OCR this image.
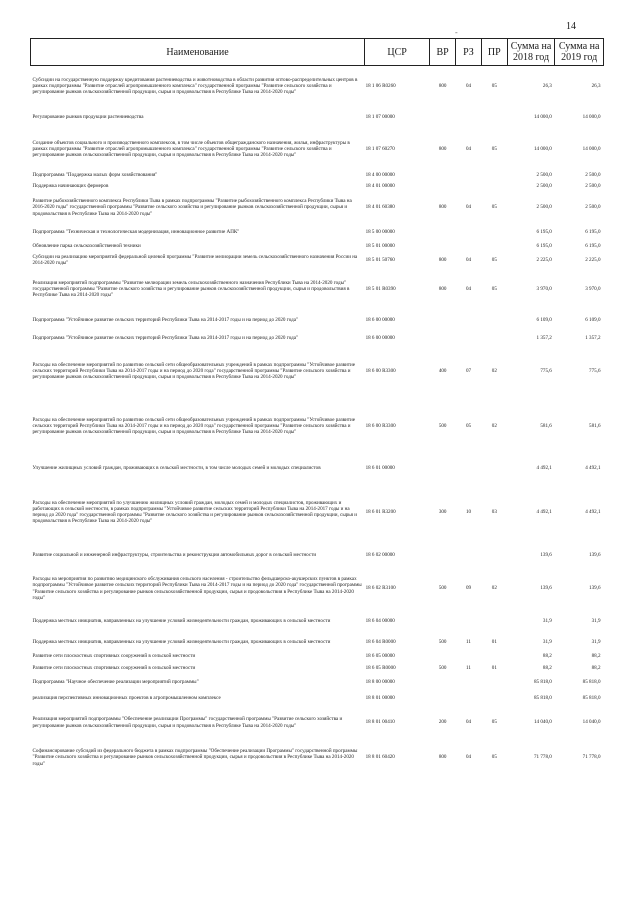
14
-
Наименование	ЦСР	ВР	РЗ	ПР	Сумма на 2018 год	Сумма на 2019 год
Субсидии на государственную поддержку кредитования растениеводства и животноводства в области развития оптово-распределительных центров в рамках подпрограммы "Развитие отраслей агропромышленного комплекса" государственной программы "Развитие сельского хозяйства и регулирование рынков сельскохозяйственной продукции, сырья и продовольствия в Республике Тыва на 2014-2020 годы"	18 1 06 R0260	800	04	05	26,3	26,3
Регулирование рынков продукции растениеводства	18 1 07 00000				14 000,0	14 000,0
Создание объектов социального и производственного комплексов, в том числе объектов общегражданского назначения, жилья, инфраструктуры в рамках подпрограммы "Развитие отраслей агропромышленного комплекса" государственной программы "Развитие сельского хозяйства и регулирование рынков сельскохозяйственной продукции, сырья и продовольствия в Республике Тыва на 2014-2020 годы"	18 1 07 60270	800	04	05	14 000,0	14 000,0
Подпрограмма "Поддержка малых форм хозяйствования"	18 4 00 00000				2 500,0	2 500,0
Поддержка начинающих фермеров	18 4 01 00000				2 500,0	2 500,0
Развитие рыбохозяйственного комплекса Республики Тыва в рамках подпрограммы "Развитие рыбохозяйственного комплекса Республики Тыва на 2016-2020 годы" государственной программы "Развитие сельского хозяйства и регулирование рынков сельскохозяйственной продукции, сырья и продовольствия в Республике Тыва на 2014-2020 годы"	18 4 01 60380	800	04	05	2 500,0	2 500,0
Подпрограмма "Техническая и технологическая модернизация, инновационное развитие АПК"	18 5 00 00000				6 195,0	6 195,0
Обновление парка сельскохозяйственной техники	18 5 01 00000				6 195,0	6 195,0
Субсидии на реализацию мероприятий федеральной целевой программы "Развитие мелиорации земель сельскохозяйственного назначения России на 2014-2020 годы"	18 5 01 50760	800	04	05	2 225,0	2 225,0
Реализация мероприятий подпрограммы "Развитие мелиорации земель сельскохозяйственного назначения Республики Тыва на 2014-2020 годы" государственной программы "Развитие сельского хозяйства и регулирование рынков сельскохозяйственной продукции, сырья и продовольствия в Республике Тыва на 2014-2020 годы"	18 5 01 R0390	800	04	05	3 970,0	3 970,0
Подпрограмма "Устойчивое развитие сельских территорий Республики Тыва на 2014-2017 годы и на период до 2020 года"	18 6 00 00000				6 109,0	6 109,0
Подпрограмма "Устойчивое развитие сельских территорий Республики Тыва на 2014-2017 годы и на период до 2020 года"	18 6 00 00000				1 357,2	1 357,2
Расходы на обеспечение мероприятий по развитию сельской сети общеобразовательных учреждений в рамках подпрограммы "Устойчивое развитие сельских территорий Республики Тыва на 2014-2017 годы и на период до 2020 года" государственной программы "Развитие сельского хозяйства и регулирование рынков сельскохозяйственной продукции, сырья и продовольствия в Республике Тыва на 2014-2020 годы"	18 6 00 R3300	400	07	02	775,6	775,6
Расходы на обеспечение мероприятий по развитию сельской сети общеобразовательных учреждений в рамках подпрограммы "Устойчивое развитие сельских территорий Республики Тыва на 2014-2017 годы и на период до 2020 года" государственной программы "Развитие сельского хозяйства и регулирование рынков сельскохозяйственной продукции, сырья и продовольствия в Республике Тыва на 2014-2020 годы"	18 6 00 R3300	500	05	02	581,6	581,6
Улучшение жилищных условий граждан, проживающих в сельской местности, в том числе молодых семей и молодых специалистов	18 6 01 00000				4 492,1	4 492,1
Расходы на обеспечение мероприятий по улучшению жилищных условий граждан, молодых семей и молодых специалистов, проживающих и работающих в сельской местности, в рамках подпрограммы "Устойчивое развитие сельских территорий Республики Тыва на 2014-2017 годы и на период до 2020 года" государственной программы "Развитие сельского хозяйства и регулирование рынков сельскохозяйственной продукции, сырья и продовольствия в Республике Тыва на 2014-2020 годы"	18 6 01 R3200	300	10	03	4 492,1	4 492,1
Развитие социальной и инженерной инфраструктуры, строительства и реконструкции автомобильных дорог в сельской местности	18 6 02 00000				139,6	139,6
Расходы на мероприятия по развитию медицинского обслуживания сельского населения - строительство фельдшерско-акушерских пунктов в рамках подпрограммы "Устойчивое развитие сельских территорий Республики Тыва на 2014-2017 годы и на период до 2020 года" государственной программы "Развитие сельского хозяйства и регулирование рынков сельскохозяйственной продукции, сырья и продовольствия в Республике Тыва на 2014-2020 годы"	18 6 02 R3100	500	09	02	139,6	139,6
Поддержка местных инициатив, направленных на улучшение условий жизнедеятельности граждан, проживающих в сельской местности	18 6 04 00000				31,9	31,9
Поддержка местных инициатив, направленных на улучшение условий жизнедеятельности граждан, проживающих в сельской местности	18 6 04 R0000	500	11	01	31,9	31,9
Развитие сети плоскостных спортивных сооружений в сельской местности	18 6 05 00000				88,2	88,2
Развитие сети плоскостных спортивных сооружений в сельской местности	18 6 05 R0000	500	11	01	88,2	88,2
Подпрограмма "Научное обеспечение реализации мероприятий программы"	18 8 00 00000				85 818,0	85 818,0
реализация перспективных инновационных проектов в агропромышленном комплексе	18 8 01 00000				85 818,0	85 818,0
Реализация мероприятий подпрограммы "Обеспечение реализации Программы" государственной программы "Развитие сельского хозяйства и регулирование рынков сельскохозяйственной продукции, сырья и продовольствия в Республике Тыва на 2014-2020 годы"	18 8 01 00410	200	04	05	14 040,0	14 040,0
Софинансирование субсидий из федерального бюджета в рамках подпрограммы "Обеспечение реализации Программы" государственной программы "Развитие сельского хозяйства и регулирование рынков сельскохозяйственной продукции, сырья и продовольствия в Республике Тыва на 2014-2020 годы"	18 8 01 60420	800	04	05	71 778,0	71 778,0
